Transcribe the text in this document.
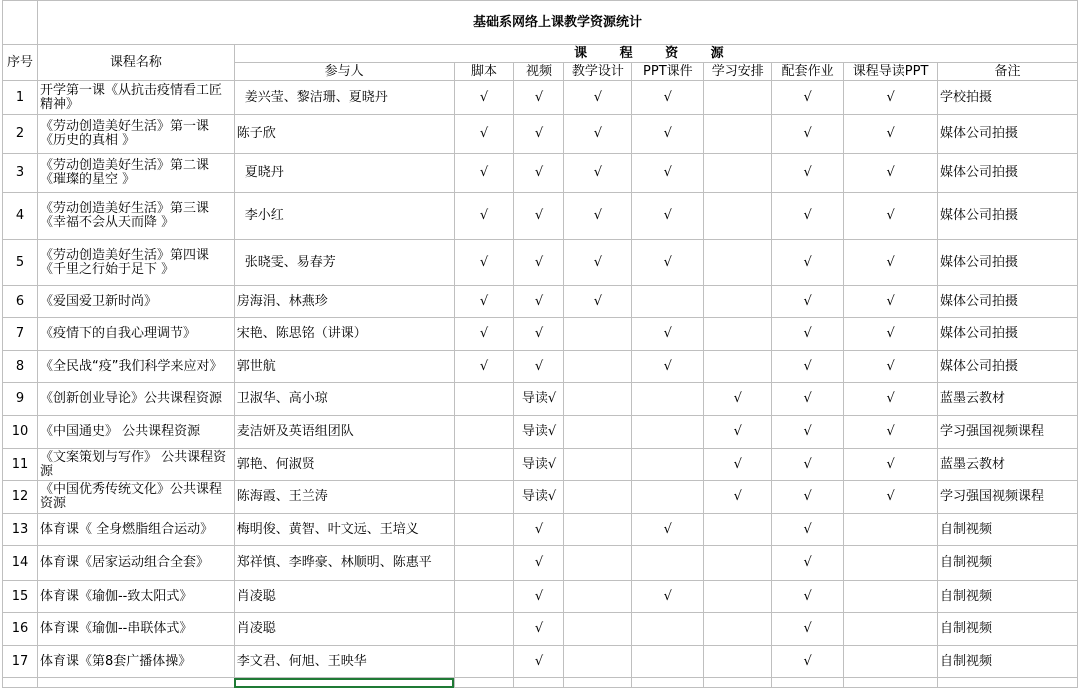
	基础系网络上课教学资源统计									
序号	课程名称	课 程 资 源								
		参与人	脚本	视频	教学设计	PPT课件	学习安排	配套作业	课程导读PPT	备注
1	开学第一课《从抗击疫情看工匠精神》	姜兴莹、黎洁珊、夏晓丹	√	√	√	√		√	√	学校拍摄
2	《劳动创造美好生活》第一课《历史的真相 》	陈子欣	√	√	√	√		√	√	媒体公司拍摄
3	《劳动创造美好生活》第二课《璀璨的星空 》	夏晓丹	√	√	√	√		√	√	媒体公司拍摄
4	《劳动创造美好生活》第三课《幸福不会从天而降 》	李小红	√	√	√	√		√	√	媒体公司拍摄
5	《劳动创造美好生活》第四课《千里之行始于足下 》	张晓雯、易春芳	√	√	√	√		√	√	媒体公司拍摄
6	《爱国爱卫新时尚》	房海涓、林燕珍	√	√	√			√	√	媒体公司拍摄
7	《疫情下的自我心理调节》	宋艳、陈思铭（讲课）	√	√		√		√	√	媒体公司拍摄
8	《全民战“疫”我们科学来应对》	郭世航	√	√		√		√	√	媒体公司拍摄
9	《创新创业导论》公共课程资源	卫淑华、高小琼		导读√			√	√	√	蓝墨云教材
10	《中国通史》 公共课程资源	麦洁妍及英语组团队		导读√			√	√	√	学习强国视频课程
11	《文案策划与写作》 公共课程资源	郭艳、何淑贤		导读√			√	√	√	蓝墨云教材
12	《中国优秀传统文化》公共课程资源	陈海霞、王兰涛		导读√			√	√	√	学习强国视频课程
13	体育课《 全身燃脂组合运动》	梅明俊、黄智、叶文远、王培义		√		√		√		自制视频
14	体育课《居家运动组合全套》	郑祥慎、李晔豪、林顺明、陈惠平		√				√		自制视频
15	体育课《瑜伽--致太阳式》	肖凌聪		√		√		√		自制视频
16	体育课《瑜伽--串联体式》	肖凌聪		√				√		自制视频
17	体育课《第8套广播体操》	李文君、何旭、王映华		√				√		自制视频
